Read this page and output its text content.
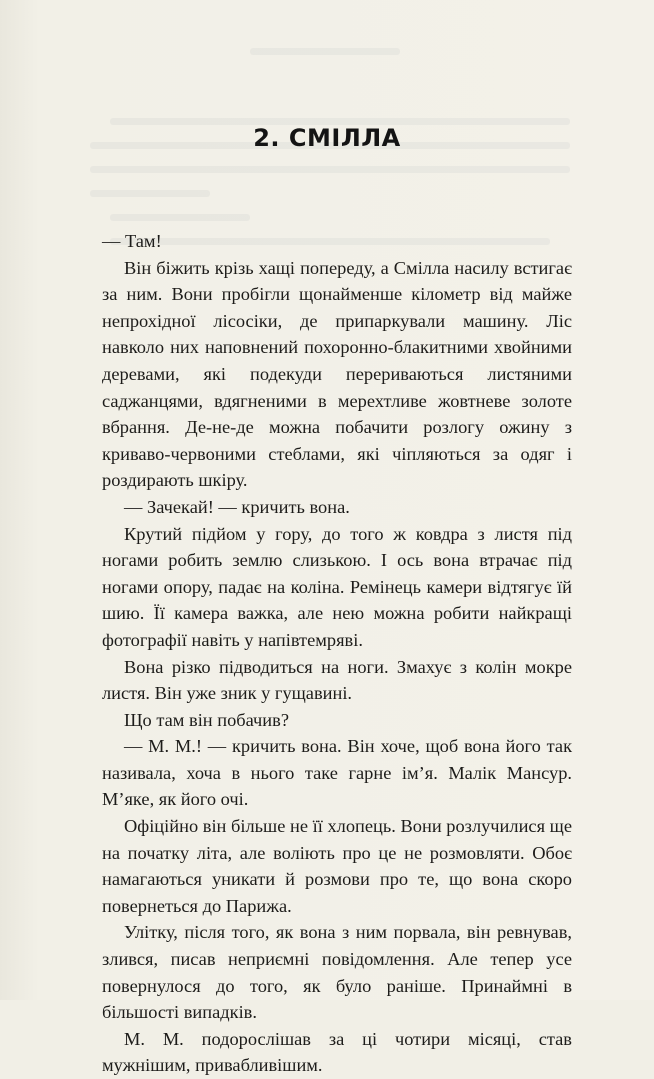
2. СМІЛЛА

— Там!

Він біжить крізь хащі попереду, а Смілла насилу встигає за ним. Вони пробігли щонайменше кілометр від майже непрохідної лісосіки, де припаркували машину. Ліс навколо них наповнений похоронно-блакитними хвойними деревами, які подекуди перериваються листяними саджанцями, вдягненими в мерехтливе жовтневе золоте вбрання. Де-не-де можна побачити розлогу ожину з криваво-червоними стеблами, які чіпляються за одяг і роздирають шкіру.

— Зачекай! — кричить вона.

Крутий підйом у гору, до того ж ковдра з листя під ногами робить землю слизькою. І ось вона втрачає під ногами опору, падає на коліна. Ремінець камери відтягує їй шию. Її камера важка, але нею можна робити найкращі фотографії навіть у напівтемряві.

Вона різко підводиться на ноги. Змахує з колін мокре листя. Він уже зник у гущавині.

Що там він побачив?

— М. М.! — кричить вона. Він хоче, щоб вона його так називала, хоча в нього таке гарне ім’я. Малік Мансур. М’яке, як його очі.

Офіційно він більше не її хлопець. Вони розлучилися ще на початку літа, але воліють про це не розмовляти. Обоє намагаються уникати й розмови про те, що вона скоро повернеться до Парижа.

Улітку, після того, як вона з ним порвала, він ревнував, злився, писав неприємні повідомлення. Але тепер усе повернулося до того, як було раніше. Принаймні в більшості випадків.

М. М. подорослішав за ці чотири місяці, став мужнішим, привабливішим.
